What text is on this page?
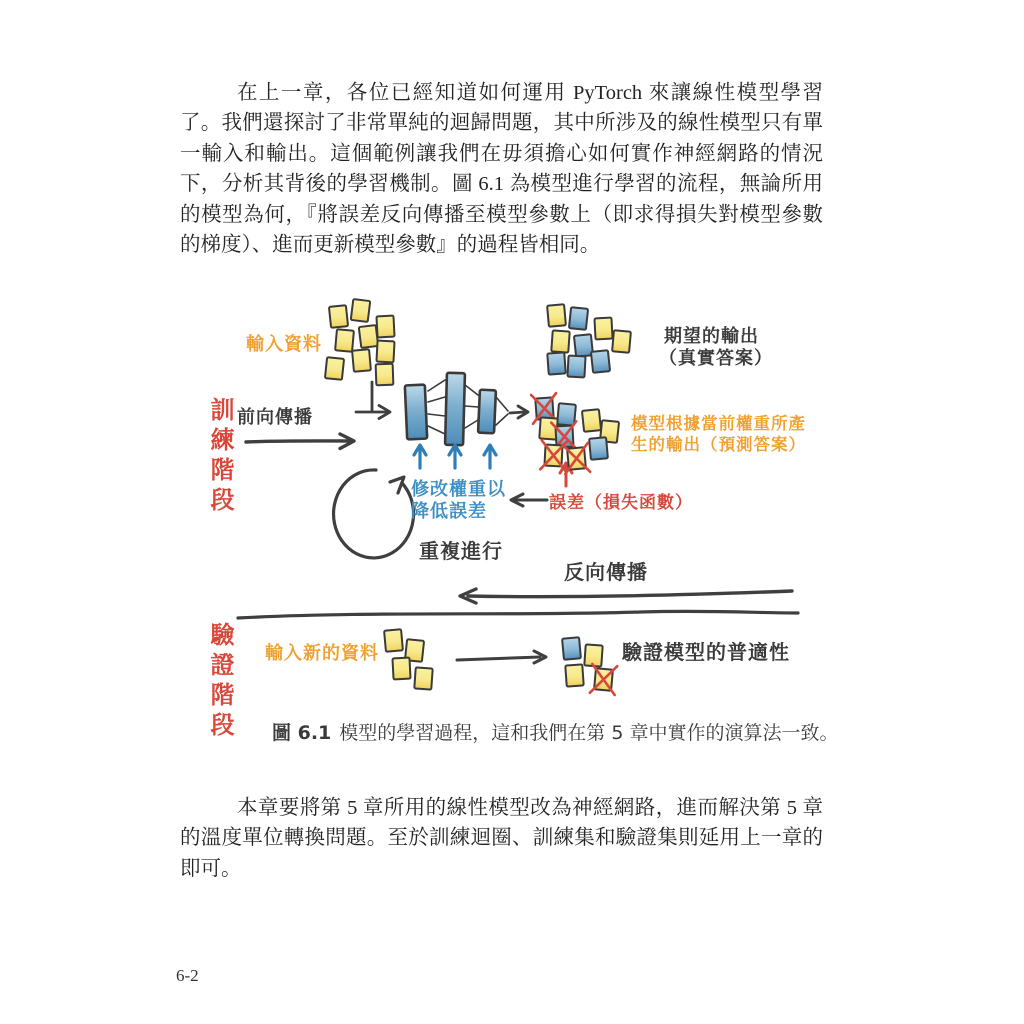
在上一章，各位已經知道如何運用 PyTorch 來讓線性模型學習了。我們還探討了非常單純的迴歸問題，其中所涉及的線性模型只有單一輸入和輸出。這個範例讓我們在毋須擔心如何實作神經網路的情況下，分析其背後的學習機制。圖 6.1 為模型進行學習的流程，無論所用的模型為何，『將誤差反向傳播至模型參數上（即求得損失對模型參數的梯度）、進而更新模型參數』的過程皆相同。

訓練階段
輸入資料
前向傳播
期望的輸出
（真實答案）
模型根據當前權重所產
生的輸出（預測答案）
修改權重以
降低誤差	誤差（損失函數）
重複進行
反向傳播
驗證階段 輸入新的資料	驗證模型的普適性
圖 6.1 模型的學習過程，這和我們在第 5 章中實作的演算法一致。

本章要將第 5 章所用的線性模型改為神經網路，進而解決第 5 章的溫度單位轉換問題。至於訓練迴圈、訓練集和驗證集則延用上一章的即可。

6-2
